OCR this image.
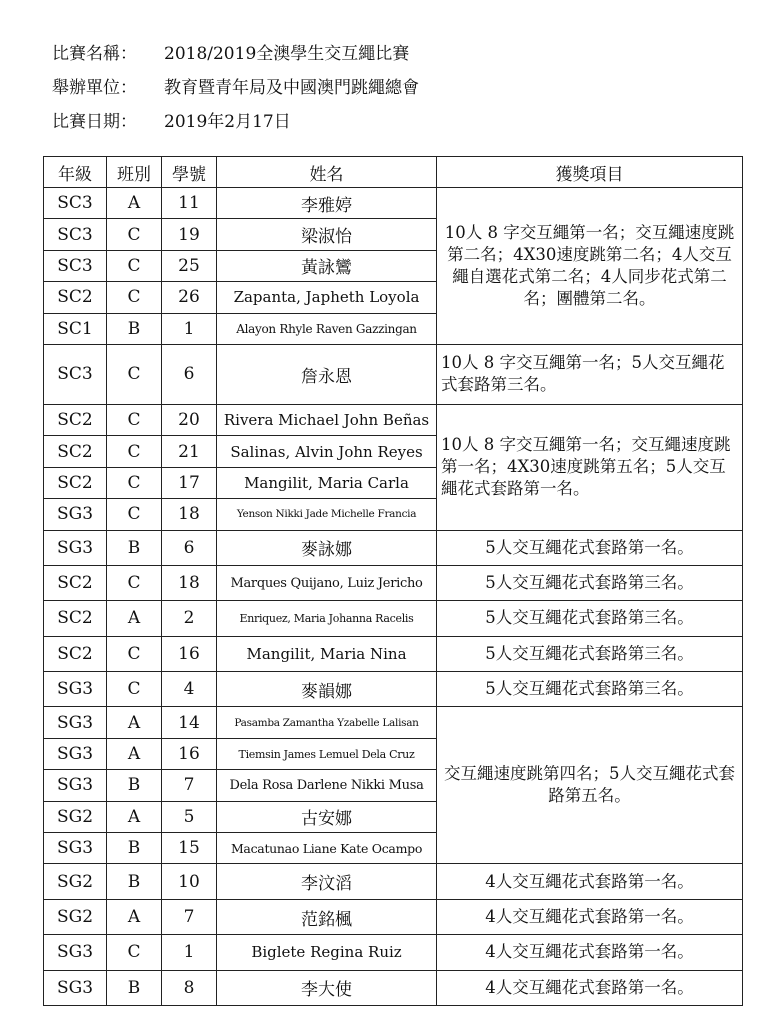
比賽名稱：	2018/2019全澳學生交互繩比賽
舉辦單位：	教育暨青年局及中國澳門跳繩總會
比賽日期：	2019年2月17日
年級	班別	學號	姓名	獲獎項目
SC3	A	11	李雅婷	10人 8 字交互繩第一名；交互繩速度跳第二名；4X30速度跳第二名；4人交互繩自選花式第二名；4人同步花式第二名；團體第二名。
SC3	C	19	梁淑怡	
SC3	C	25	黃詠鸞	
SC2	C	26	Zapanta, Japheth Loyola	
SC1	B	1	Alayon Rhyle Raven Gazzingan	
SC3	C	6	詹永恩	10人 8 字交互繩第一名；5人交互繩花式套路第三名。
SC2	C	20	Rivera Michael John Beñas	10人 8 字交互繩第一名；交互繩速度跳第一名；4X30速度跳第五名；5人交互繩花式套路第一名。
SC2	C	21	Salinas, Alvin John Reyes	
SC2	C	17	Mangilit, Maria Carla	
SG3	C	18	Yenson Nikki Jade Michelle Francia	
SG3	B	6	麥詠娜	5人交互繩花式套路第一名。
SC2	C	18	Marques Quijano, Luiz Jericho	5人交互繩花式套路第三名。
SC2	A	2	Enriquez, Maria Johanna Racelis	5人交互繩花式套路第三名。
SC2	C	16	Mangilit, Maria Nina	5人交互繩花式套路第三名。
SG3	C	4	麥韻娜	5人交互繩花式套路第三名。
SG3	A	14	Pasamba Zamantha Yzabelle Lalisan	交互繩速度跳第四名；5人交互繩花式套路第五名。
SG3	A	16	Tiemsin James Lemuel Dela Cruz	
SG3	B	7	Dela Rosa Darlene Nikki Musa	
SG2	A	5	古安娜	
SG3	B	15	Macatunao Liane Kate Ocampo	
SG2	B	10	李汶滔	4人交互繩花式套路第一名。
SG2	A	7	范銘楓	4人交互繩花式套路第一名。
SG3	C	1	Biglete Regina Ruiz	4人交互繩花式套路第一名。
SG3	B	8	李大使	4人交互繩花式套路第一名。
